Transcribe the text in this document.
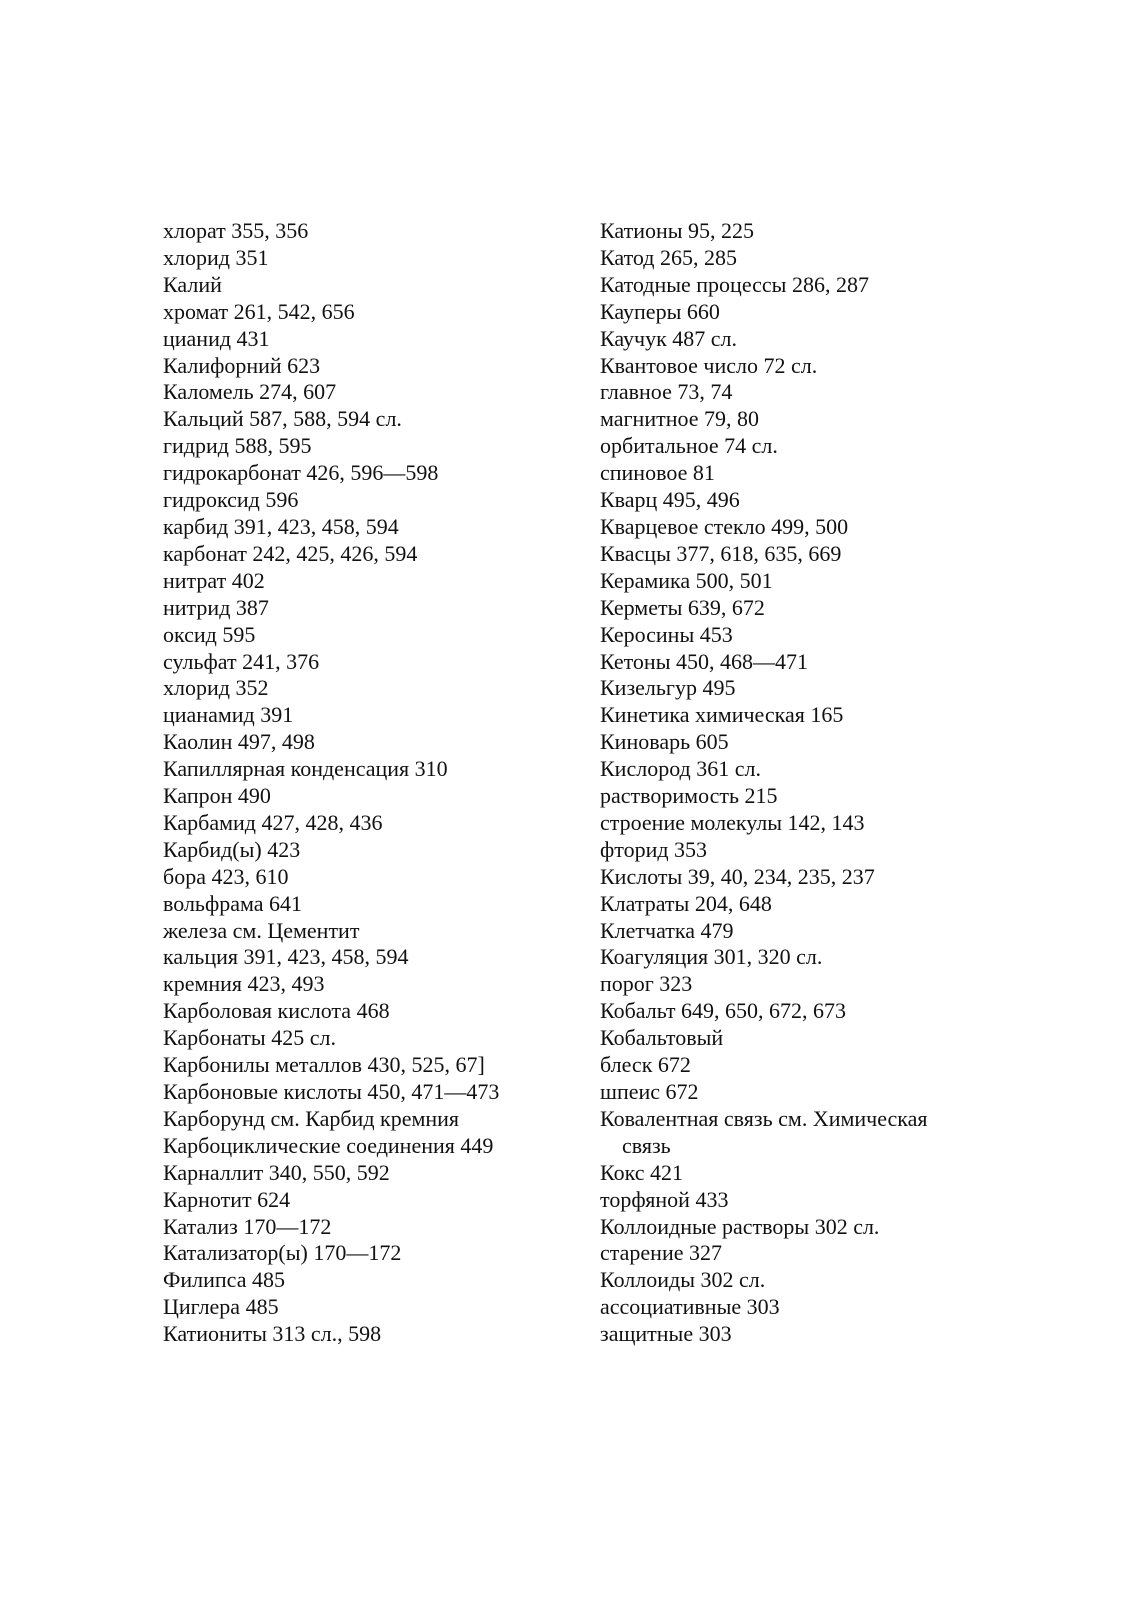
хлорат 355, 356
хлорид 351
Калий
хромат 261, 542, 656
цианид 431
Калифорний 623
Каломель 274, 607
Кальций 587, 588, 594 сл.
гидрид 588, 595
гидрокарбонат 426, 596—598
гидроксид 596
карбид 391, 423, 458, 594
карбонат 242, 425, 426, 594
нитрат 402
нитрид 387
оксид 595
сульфат 241, 376
хлорид 352
цианамид 391
Каолин 497, 498
Капиллярная конденсация 310
Капрон 490
Карбамид 427, 428, 436
Карбид(ы) 423
бора 423, 610
вольфрама 641
железа см. Цементит
кальция 391, 423, 458, 594
кремния 423, 493
Карболовая кислота 468
Карбонаты 425 сл.
Карбонилы металлов 430, 525, 67]
Карбоновые кислоты 450, 471—473
Карборунд см. Карбид кремния
Карбоциклические соединения 449
Карналлит 340, 550, 592
Карнотит 624
Катализ 170—172
Катализатор(ы) 170—172
Филипса 485
Циглера 485
Катиониты 313 сл., 598
Катионы 95, 225
Катод 265, 285
Катодные процессы 286, 287
Кауперы 660
Каучук 487 сл.
Квантовое число 72 сл.
главное 73, 74
магнитное 79, 80
орбитальное 74 сл.
спиновое 81
Кварц 495, 496
Кварцевое стекло 499, 500
Квасцы 377, 618, 635, 669
Керамика 500, 501
Керметы 639, 672
Керосины 453
Кетоны 450, 468—471
Кизельгур 495
Кинетика химическая 165
Киноварь 605
Кислород 361 сл.
растворимость 215
строение молекулы 142, 143
фторид 353
Кислоты 39, 40, 234, 235, 237
Клатраты 204, 648
Клетчатка 479
Коагуляция 301, 320 сл.
порог 323
Кобальт 649, 650, 672, 673
Кобальтовый
блеск 672
шпеис 672
Ковалентная связь см. Химическая
связь
Кокс 421
торфяной 433
Коллоидные растворы 302 сл.
старение 327
Коллоиды 302 сл.
ассоциативные 303
защитные 303
